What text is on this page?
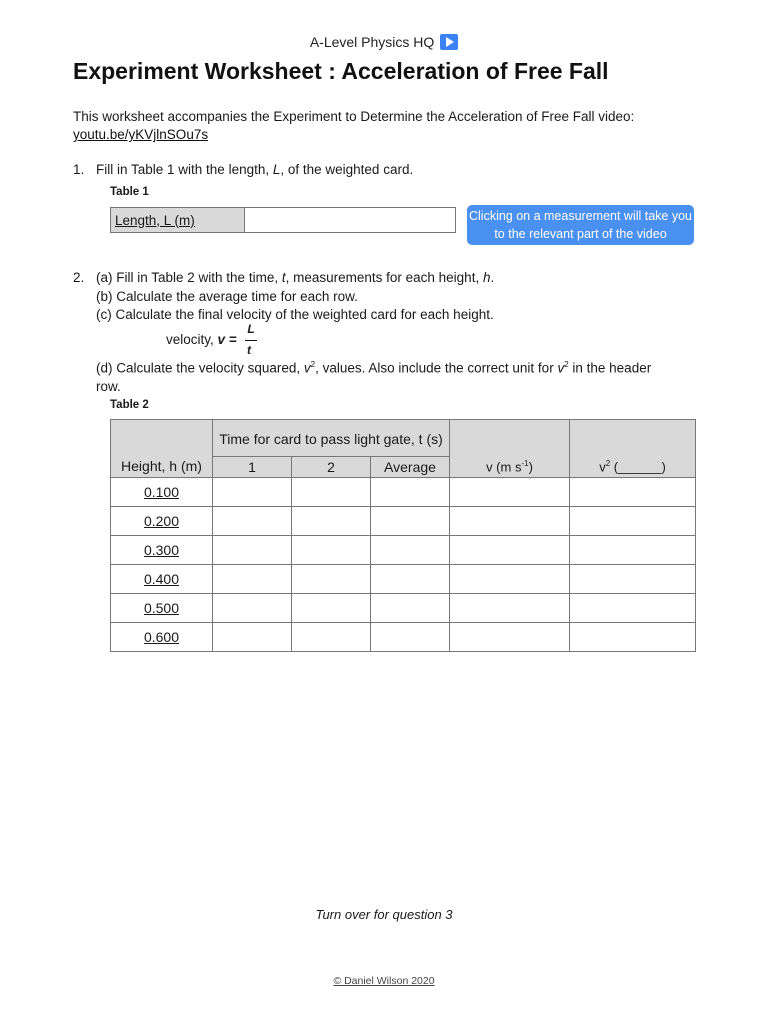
A-Level Physics HQ
Experiment Worksheet : Acceleration of Free Fall
This worksheet accompanies the Experiment to Determine the Acceleration of Free Fall video:
youtu.be/yKVjlnSOu7s
1. Fill in Table 1 with the length, L, of the weighted card.
Table 1
Length, L (m)		Clicking on a measurement will take you to the relevant part of the video
2. (a) Fill in Table 2 with the time, t, measurements for each height, h.
(b) Calculate the average time for each row.
(c) Calculate the final velocity of the weighted card for each height.
velocity, v =
L
t
(d) Calculate the velocity squared, $v^2$, values. Also include the correct unit for $v^2$ in the header row.
Table 2
Height, h (m)	Time for card to pass light gate, t (s)			v (m $s^{-1}$)	$v^2$ (______)
	1	2	Average		
0.100					
0.200					
0.300					
0.400					
0.500					
0.600					
Turn over for question 3
© Daniel Wilson 2020
